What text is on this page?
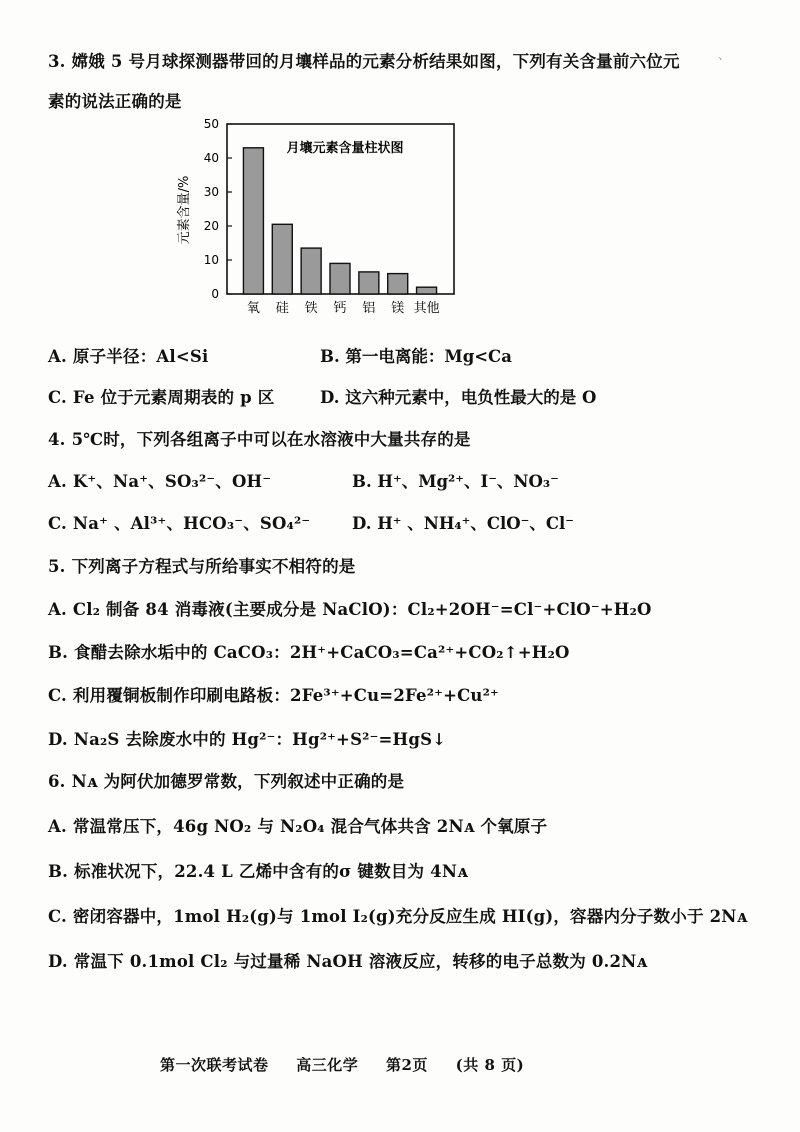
3. 嫦娥 5 号月球探测器带回的月壤样品的元素分析结果如图，下列有关含量前六位元	、
素的说法正确的是
月壤元素含量柱状图
元素含量/%
0
10
20
30
40
50
氧 硅 铁 钙 铝 镁 其他
A. 原子半径：Al<Si	B. 第一电离能：Mg<Ca
C. Fe 位于元素周期表的 p 区	D. 这六种元素中，电负性最大的是 O
4. 5℃时，下列各组离子中可以在水溶液中大量共存的是
A. K⁺、Na⁺、SO₃²⁻、OH⁻	B. H⁺、Mg²⁺、I⁻、NO₃⁻
C. Na⁺ 、Al³⁺、HCO₃⁻、SO₄²⁻	D. H⁺ 、NH₄⁺、ClO⁻、Cl⁻
5. 下列离子方程式与所给事实不相符的是
A. Cl₂ 制备 84 消毒液(主要成分是 NaClO)：Cl₂+2OH⁻=Cl⁻+ClO⁻+H₂O
B. 食醋去除水垢中的 CaCO₃：2H⁺+CaCO₃=Ca²⁺+CO₂↑+H₂O
C. 利用覆铜板制作印刷电路板：2Fe³⁺+Cu=2Fe²⁺+Cu²⁺
D. Na₂S 去除废水中的 Hg²⁻：Hg²⁺+S²⁻=HgS↓
6. Nᴀ 为阿伏加德罗常数，下列叙述中正确的是
A. 常温常压下，46g NO₂ 与 N₂O₄ 混合气体共含 2Nᴀ 个氧原子
B. 标准状况下，22.4 L 乙烯中含有的σ 键数目为 4Nᴀ
C. 密闭容器中，1mol H₂(g)与 1mol I₂(g)充分反应生成 HI(g)，容器内分子数小于 2Nᴀ
D. 常温下 0.1mol Cl₂ 与过量稀 NaOH 溶液反应，转移的电子总数为 0.2Nᴀ
第一次联考试卷 高三化学 第2页 (共 8 页)
